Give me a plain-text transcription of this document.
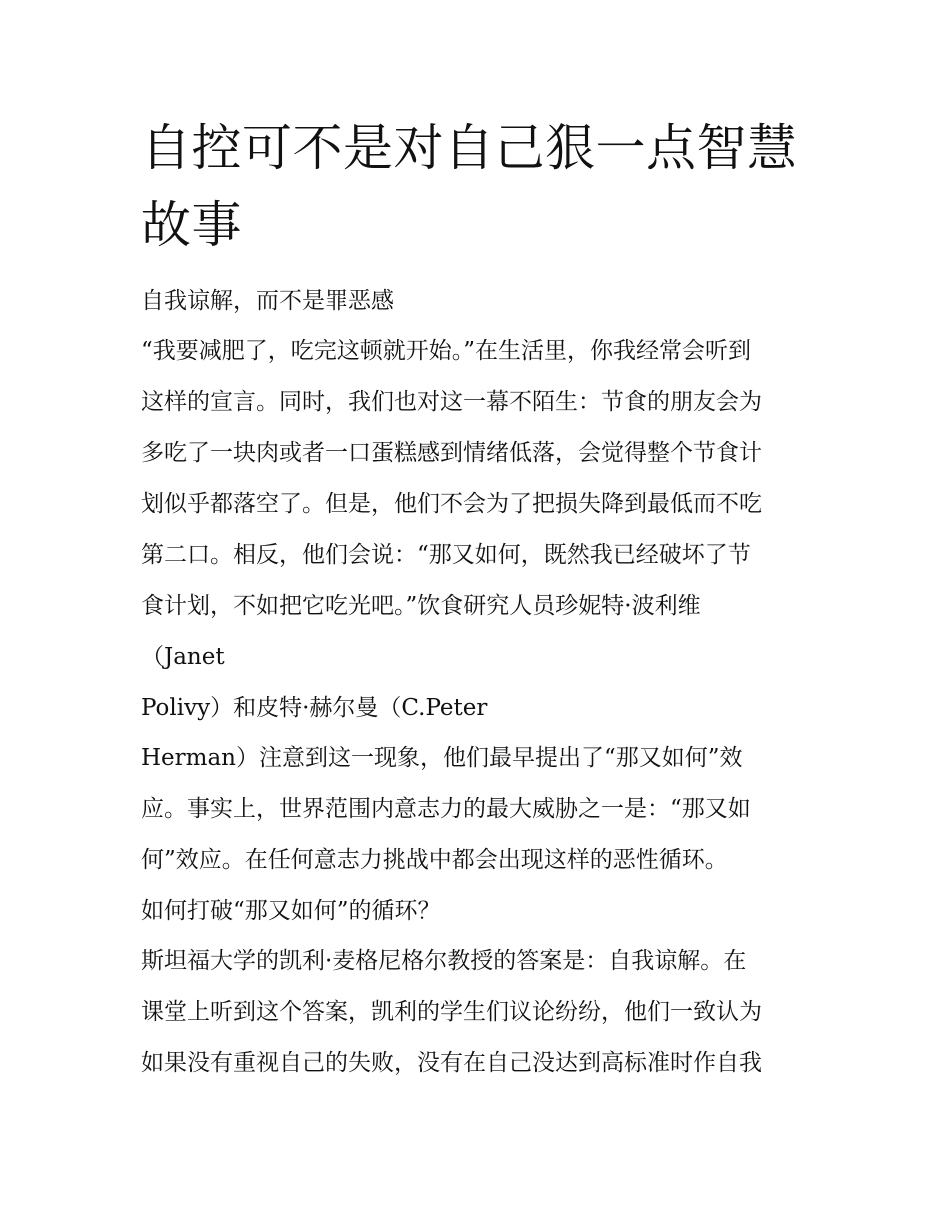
自控可不是对自己狠一点智慧故事

自我谅解，而不是罪恶感

“我要减肥了，吃完这顿就开始。”在生活里，你我经常会听到

这样的宣言。同时，我们也对这一幕不陌生：节食的朋友会为

多吃了一块肉或者一口蛋糕感到情绪低落，会觉得整个节食计

划似乎都落空了。但是，他们不会为了把损失降到最低而不吃

第二口。相反，他们会说：“那又如何，既然我已经破坏了节

食计划，不如把它吃光吧。”饮食研究人员珍妮特·波利维

（Janet

Polivy）和皮特·赫尔曼（C.Peter

Herman）注意到这一现象，他们最早提出了“那又如何”效

应。事实上，世界范围内意志力的最大威胁之一是：“那又如

何”效应。在任何意志力挑战中都会出现这样的恶性循环。

如何打破“那又如何”的循环？

斯坦福大学的凯利·麦格尼格尔教授的答案是：自我谅解。在

课堂上听到这个答案，凯利的学生们议论纷纷，他们一致认为

如果没有重视自己的失败，没有在自己没达到高标准时作自我
